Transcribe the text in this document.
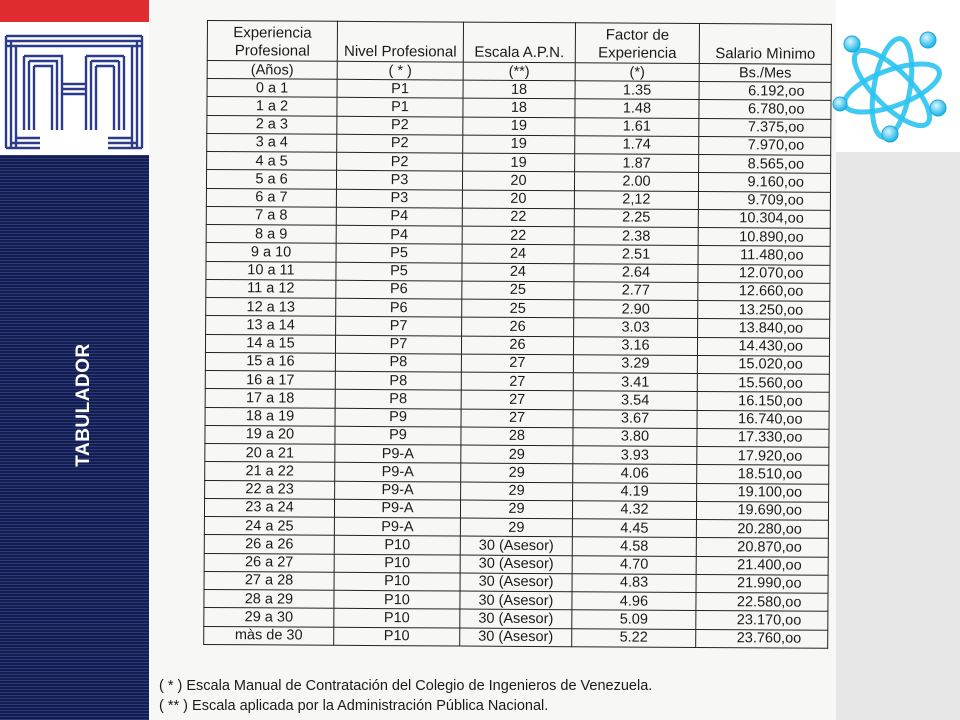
TABULADOR
Experiencia Profesional	Nivel Profesional	Escala A.P.N.	Factor de Experiencia	Salario Mìnimo
(Años)	( * )	(**)	(*)	Bs./Mes
0 a 1	P1	18	1.35	6.192,oo
1 a 2	P1	18	1.48	6.780,oo
2 a 3	P2	19	1.61	7.375,oo
3 a 4	P2	19	1.74	7.970,oo
4 a 5	P2	19	1.87	8.565,oo
5 a 6	P3	20	2.00	9.160,oo
6 a 7	P3	20	2,12	9.709,oo
7 a 8	P4	22	2.25	10.304,oo
8 a 9	P4	22	2.38	10.890,oo
9 a 10	P5	24	2.51	11.480,oo
10 a 11	P5	24	2.64	12.070,oo
11 a 12	P6	25	2.77	12.660,oo
12 a 13	P6	25	2.90	13.250,oo
13 a 14	P7	26	3.03	13.840,oo
14 a 15	P7	26	3.16	14.430,oo
15 a 16	P8	27	3.29	15.020,oo
16 a 17	P8	27	3.41	15.560,oo
17 a 18	P8	27	3.54	16.150,oo
18 a 19	P9	27	3.67	16.740,oo
19 a 20	P9	28	3.80	17.330,oo
20 a 21	P9-A	29	3.93	17.920,oo
21 a 22	P9-A	29	4.06	18.510,oo
22 a 23	P9-A	29	4.19	19.100,oo
23 a 24	P9-A	29	4.32	19.690,oo
24 a 25	P9-A	29	4.45	20.280,oo
26 a 26	P10	30 (Asesor)	4.58	20.870,oo
26 a 27	P10	30 (Asesor)	4.70	21.400,oo
27 a 28	P10	30 (Asesor)	4.83	21.990,oo
28 a 29	P10	30 (Asesor)	4.96	22.580,oo
29 a 30	P10	30 (Asesor)	5.09	23.170,oo
màs de 30	P10	30 (Asesor)	5.22	23.760,oo
( * ) Escala Manual de Contratación del Colegio de Ingenieros de Venezuela.
( ** ) Escala aplicada por la Administración Pública Nacional.
